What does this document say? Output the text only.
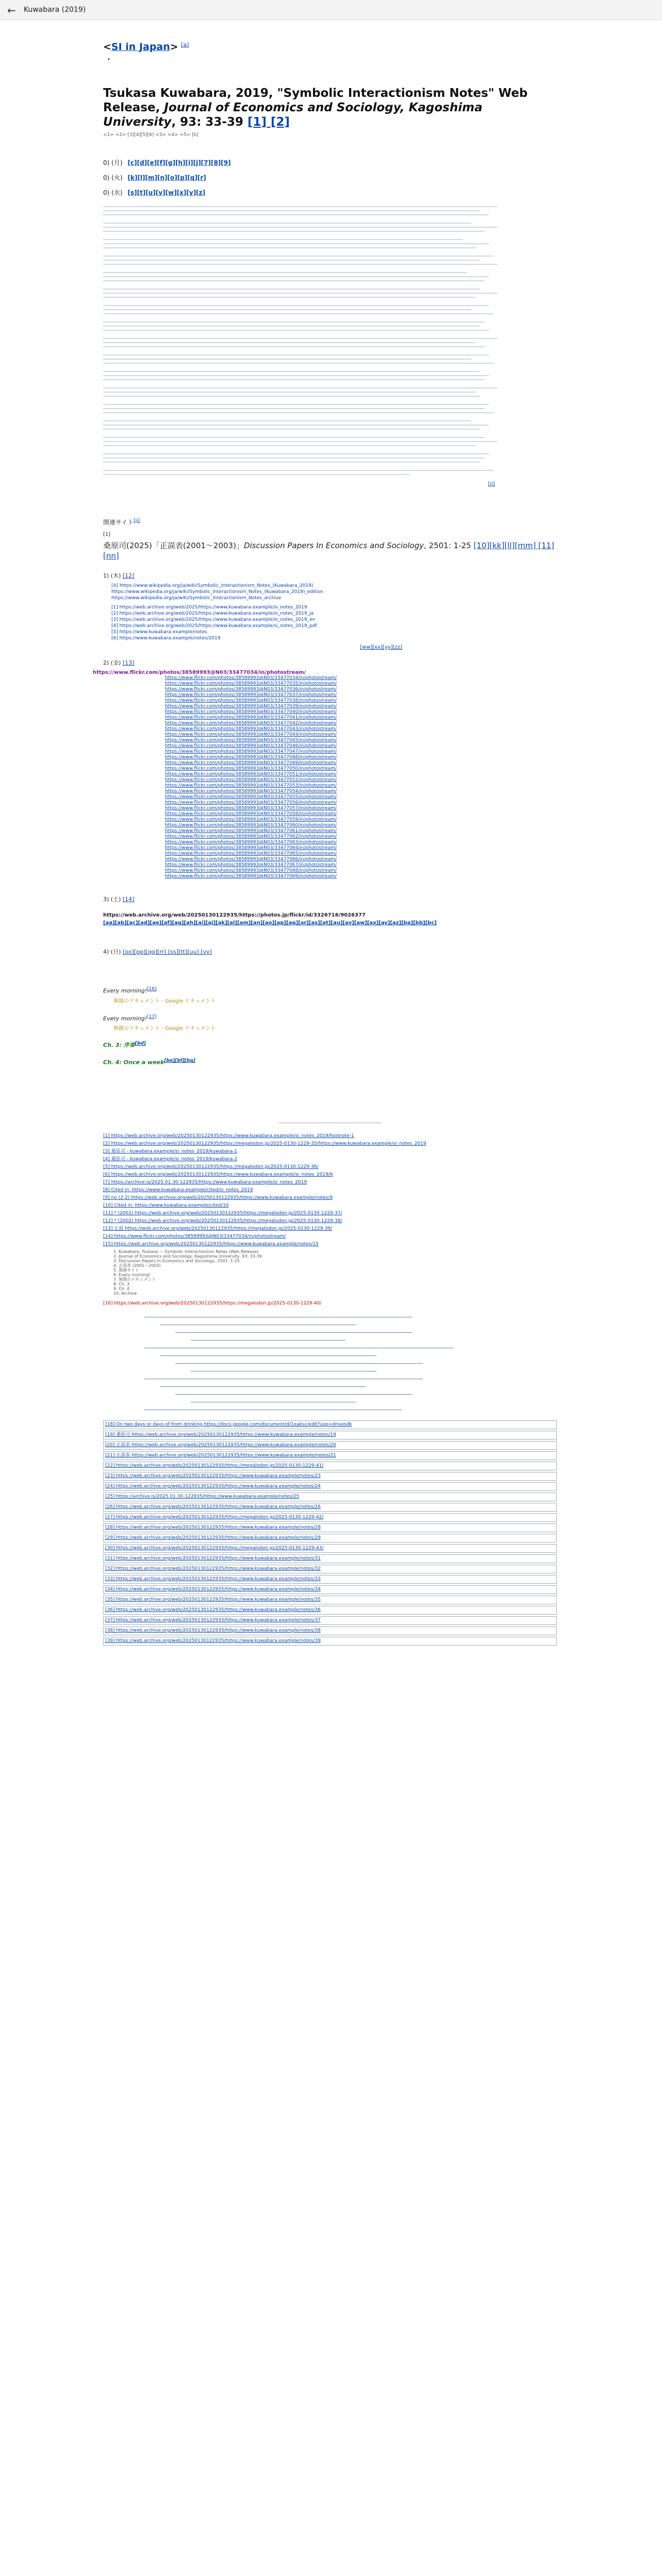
← Kuwabara (2019)
<SI in Japan> [a]
•
Tsukasa Kuwabara, 2019, "Symbolic Interactionism Notes" Web Release, Journal of Economics and Sociology, Kagoshima University, 93: 33-39 [1] [2]
<1> <2> [3][4][5][6] <3> <4> <5> [b]
0) (月) [c][d][e][f][g][h][i][j][7][8][9]
0) (火) [k][l][m][n][o][p][q][r]
0) (水) [s][t][u][v][w][x][y][z]
[ii]
関連サイト[jj]
[1]
桑原司(2025)「正誤表(2001〜2003)」Discussion Papers In Economics and Sociology, 2501: 1-25 [10][kk][ll][mm] [11][nn]
1) (木) [12]
[A] https://www.wikipedia.org/ja/wiki/Symbolic_Interactionism_Notes_(Kuwabara_2019)
https://www.wikipedia.org/ja/wiki/Symbolic_Interactionism_Notes_(Kuwabara_2019)_edition
https://www.wikipedia.org/ja/wiki/Symbolic_Interactionism_Notes_archive
[1] https://web.archive.org/web/2025/https://www.kuwabara.example/si_notes_2019
[2] https://web.archive.org/web/2025/https://www.kuwabara.example/si_notes_2019_ja
[3] https://web.archive.org/web/2025/https://www.kuwabara.example/si_notes_2019_en
[4] https://web.archive.org/web/2025/https://www.kuwabara.example/si_notes_2019_pdf
[5] https://www.kuwabara.example/notes
[6] https://www.kuwabara.example/notes/2019
[ww][xx][yy][zz]
2) (金) [13]
https://www.flickr.com/photos/38589993@N03/33477034/in/photostream/
https://www.flickr.com/photos/38589993@N03/33477034/in/photostream/
https://www.flickr.com/photos/38589993@N03/33477035/in/photostream/
https://www.flickr.com/photos/38589993@N03/33477036/in/photostream/
https://www.flickr.com/photos/38589993@N03/33477037/in/photostream/
https://www.flickr.com/photos/38589993@N03/33477038/in/photostream/
https://www.flickr.com/photos/38589993@N03/33477039/in/photostream/
https://www.flickr.com/photos/38589993@N03/33477040/in/photostream/
https://www.flickr.com/photos/38589993@N03/33477041/in/photostream/
https://www.flickr.com/photos/38589993@N03/33477042/in/photostream/
https://www.flickr.com/photos/38589993@N03/33477043/in/photostream/
https://www.flickr.com/photos/38589993@N03/33477044/in/photostream/
https://www.flickr.com/photos/38589993@N03/33477045/in/photostream/
https://www.flickr.com/photos/38589993@N03/33477046/in/photostream/
https://www.flickr.com/photos/38589993@N03/33477047/in/photostream/
https://www.flickr.com/photos/38589993@N03/33477048/in/photostream/
https://www.flickr.com/photos/38589993@N03/33477049/in/photostream/
https://www.flickr.com/photos/38589993@N03/33477050/in/photostream/
https://www.flickr.com/photos/38589993@N03/33477051/in/photostream/
https://www.flickr.com/photos/38589993@N03/33477052/in/photostream/
https://www.flickr.com/photos/38589993@N03/33477053/in/photostream/
https://www.flickr.com/photos/38589993@N03/33477054/in/photostream/
https://www.flickr.com/photos/38589993@N03/33477055/in/photostream/
https://www.flickr.com/photos/38589993@N03/33477056/in/photostream/
https://www.flickr.com/photos/38589993@N03/33477057/in/photostream/
https://www.flickr.com/photos/38589993@N03/33477058/in/photostream/
https://www.flickr.com/photos/38589993@N03/33477059/in/photostream/
https://www.flickr.com/photos/38589993@N03/33477060/in/photostream/
https://www.flickr.com/photos/38589993@N03/33477061/in/photostream/
https://www.flickr.com/photos/38589993@N03/33477062/in/photostream/
https://www.flickr.com/photos/38589993@N03/33477063/in/photostream/
https://www.flickr.com/photos/38589993@N03/33477064/in/photostream/
https://www.flickr.com/photos/38589993@N03/33477065/in/photostream/
https://www.flickr.com/photos/38589993@N03/33477066/in/photostream/
https://www.flickr.com/photos/38589993@N03/33477067/in/photostream/
https://www.flickr.com/photos/38589993@N03/33477068/in/photostream/
https://www.flickr.com/photos/38589993@N03/33477069/in/photostream/
3) (土) [14]
https://web.archive.org/web/20250130122935/https://photos.jp/flickr/id/3326716/9026377
[aa][ab][ac][ad][ae][af][ag][ah][ai][aj][ak][al][am][an][ao][ap][aq][ar][as][at][au][av][aw][ax][ay][az][ba][bb][bc]
4) (日) [oo][pp][qq][rr] [ss][tt][uu] [vv]
Every morning![16]
無題のドキュメント - Google ドキュメント
Every morning![17]
無題のドキュメント - Google ドキュメント
Ch. 3: 序章[bd]
Ch. 4: Once a week[be][bf][bg]
[1] https://web.archive.org/web/20250130122935/https://www.kuwabara.example/si_notes_2019/footnote-1
[2] https://web.archive.org/web/20250130122935/https://megalodon.jp/2025-0130-1229-35/https://www.kuwabara.example/si_notes_2019
[3] 桑原司 - kuwabara.example/si_notes_2019/kuwabara-1
[4] 桑原司 - kuwabara.example/si_notes_2019/kuwabara-2
[5] https://web.archive.org/web/20250130122935/https://megalodon.jp/2025-0130-1229-36/
[6] https://web.archive.org/web/20250130122935/https://www.kuwabara.example/si_notes_2019/6
[7] https://archive.is/2025.01.30-122935/https://www.kuwabara.example/si_notes_2019
[8] Cited in: https://www.kuwabara.example/cited/si_notes_2019
[9] no (2-2) https://web.archive.org/web/20250130122935/https://www.kuwabara.example/notes/9
[10] Cited in: https://www.kuwabara.example/cited/10
[11] * (2001) https://web.archive.org/web/20250130122935/https://megalodon.jp/2025-0130-1229-37/
[12] * (2002) https://web.archive.org/web/20250130122935/https://megalodon.jp/2025-0130-1229-38/
[13] 正誤 https://web.archive.org/web/20250130122935/https://megalodon.jp/2025-0130-1229-39/
[14] https://www.flickr.com/photos/38589993@N03/33477034/in/photostream/
[15] https://web.archive.org/web/20250130122935/https://www.kuwabara.example/notes/15
1. Kuwabara, Tsukasa — Symbolic Interactionism Notes (Web Release)
2. Journal of Economics and Sociology, Kagoshima University, 93: 33-39
3. Discussion Papers In Economics and Sociology, 2501: 1-25
4. 正誤表 (2001〜2003)
5. 関連サイト
6. Every morning!
7. 無題のドキュメント
8. Ch. 3
9. Ch. 4
10. Archive
[16] https://web.archive.org/web/20250130122935/https://megalodon.jp/2025-0130-1229-40/
[18] On two days or days of from drinking https://docs.google.com/document/d/1xaksc/edit?usp=drivesdk
[19] 桑原司 https://web.archive.org/web/20250130122935/https://www.kuwabara.example/notes/19
[20] 正誤表 https://web.archive.org/web/20250130122935/https://www.kuwabara.example/notes/20
[21] 正誤表 https://web.archive.org/web/20250130122935/https://www.kuwabara.example/notes/21
[22] https://web.archive.org/web/20250130122935/https://megalodon.jp/2025-0130-1229-41/
[23] https://web.archive.org/web/20250130122935/https://www.kuwabara.example/notes/23
[24] https://web.archive.org/web/20250130122935/https://www.kuwabara.example/notes/24
[25] https://archive.is/2025.01.30-122935/https://www.kuwabara.example/notes/25
[26] https://web.archive.org/web/20250130122935/https://www.kuwabara.example/notes/26
[27] https://web.archive.org/web/20250130122935/https://megalodon.jp/2025-0130-1229-42/
[28] https://web.archive.org/web/20250130122935/https://www.kuwabara.example/notes/28
[29] https://web.archive.org/web/20250130122935/https://www.kuwabara.example/notes/29
[30] https://web.archive.org/web/20250130122935/https://megalodon.jp/2025-0130-1229-43/
[31] https://web.archive.org/web/20250130122935/https://www.kuwabara.example/notes/31
[32] https://web.archive.org/web/20250130122935/https://www.kuwabara.example/notes/32
[33] https://web.archive.org/web/20250130122935/https://www.kuwabara.example/notes/33
[34] https://web.archive.org/web/20250130122935/https://www.kuwabara.example/notes/34
[35] https://web.archive.org/web/20250130122935/https://www.kuwabara.example/notes/35
[36] https://web.archive.org/web/20250130122935/https://www.kuwabara.example/notes/36
[37] https://web.archive.org/web/20250130122935/https://www.kuwabara.example/notes/37
[38] https://web.archive.org/web/20250130122935/https://www.kuwabara.example/notes/38
[39] https://web.archive.org/web/20250130122935/https://www.kuwabara.example/notes/39
